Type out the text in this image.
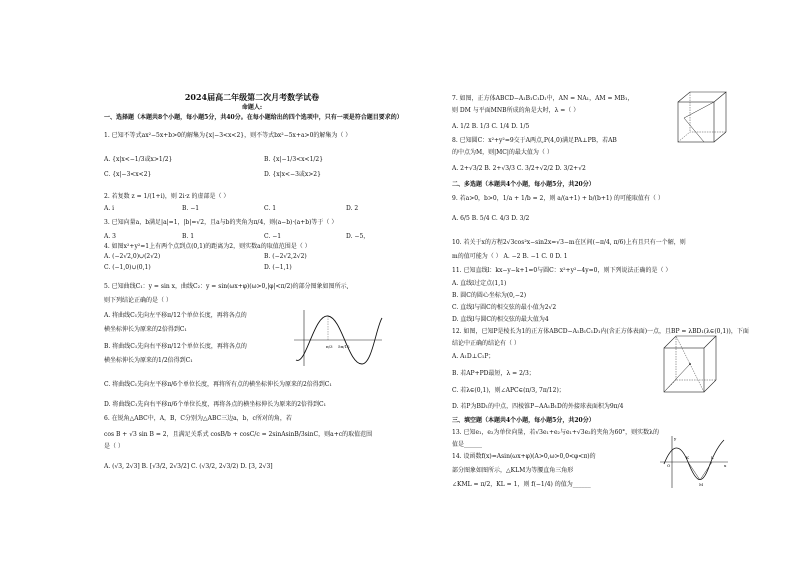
2024届高二年级第二次月考数学试卷
命题人:
一、选择题（本题共8个小题，每小题5分，共40分。在每小题给出的四个选项中，只有一项是符合题目要求的）
1. 已知不等式ax²−5x+b>0的解集为{x|−3<x<2}，则不等式bx²−5x+a>0的解集为（ ）
A. {x|x<−1/3或x>1/2}	B. {x|−1/3<x<1/2}
C. {x|−3<x<2}	D. {x|x<−3或x>2}
2. 若复数 z = 1/(1+i)，则 2i·z 的虚部是（ ）
A. i	B. −1	C. 1	D. 2
3. 已知向量a，b满足|a|=1，|b|=√2，且a与b的夹角为π/4，则(a−b)·(a+b)等于（ ）
A. 3	B. 1	C. −1	D. −5，
4. 如图x²+y²=1上有两个点到点(0,1)的距离为2，则实数a的取值范围是（ ）
A. (−2√2,0)∪(2√2)	B. (−2√2,2√2)
C. (−1,0)∪(0,1)	D. (−1,1)
5. 已知曲线C₁：y = sin x，曲线C₂：y = sin(ωx+φ)(ω>0,|φ|<π/2)的部分图象如图所示,
则下列结论正确的是（ ）
A. 将曲线C₁先向左平移π/12个单位长度，再将各点的
横坐标伸长为原来的2倍得到C₁
B. 将曲线C₁先向右平移π/12个单位长度，再将各点的
横坐标伸长为原来的1/2倍得到C₁
C. 将曲线C₁先向左平移π/6个单位长度，再将所有点的横坐标伸长为原来的2倍得到C₁
D. 将曲线C₁先向右平移π/6个单位长度，再将各点的横坐标伸长为原来的2倍得到C₁
6. 在锐角△ABC中，A，B，C分别为△ABC三边a，b，c所对的角，若
cos B + √3 sin B = 2，且满足关系式 cosB/b + cosC/c = 2sinAsinB/3sinC，则a+c的取值范围
是（ ）
A. (√3, 2√3] B. [√3/2, 2√3/2] C. (√3/2, 2√3/2) D. [3, 2√3]
π/3 5π/12
7. 如图，正方体ABCD−A₁B₁C₁D₁中，AN = NA₁，AM = MB₁，
则 DM 与平面MNB所成的角是大时，λ =（ ）
A. 1/2 B. 1/3 C. 1/4 D. 1/5
8. 已知圆C：x²+y²=9交于A两点,P(4,0)满足PA⊥PB，若AB
的中点为M，则|MC|的最大值为（ ）
A. 2+√3/2 B. 2+√3/3 C. 3/2+√2/2 D. 3/2+√2
二、多选题（本题共4个小题，每小题5分，共20分）
9. 若a>0，b>0，1/a + 1/b = 2，则 a/(a+1) + b/(b+1) 的可能取值有（ ）
A. 6/5 B. 5/4 C. 4/3 D. 3/2
10. 若关于x的方程2√3cos²x−sin2x=√3−m在区间(−π/4, π/6)上有且只有一个解，则
m的值可能为（ ） A. −2 B. −1 C. 0 D. 1
11. 已知直线l：kx−y−k+1=0与圆C：x²+y²−4y=0，则下列说法正确的是（ ）
A. 直线l过定点(1,1)
B. 圆C的圆心坐标为(0,−2)
C. 直线l与圆C的相交弦的最小值为2√2
D. 直线l与圆C的相交弦的最大值为4
12. 如图，已知P是棱长为1的正方体ABCD−A₁B₁C₁D₁内(含正方体表面)一点，且BP = λBD₁(λ∈(0,1))，下面
结论中正确的结论有（ ）
A. A₁D⊥C₁P；
B. 若AP+PD最短，λ = 2/3；
C. 若λ∈(0,1)，则∠APC∈(π/3, 7π/12)；
D. 若P为BD₁的中点，四棱锥P−AA₁B₁D的外接球表面积为9π/4
三、填空题（本题共4个小题，每小题5分，共20分）
13. 已知e₁，e₂为单位向量，若√3e₁+e₂与e₁+√3e₂的夹角为60°，则实数λ的
值是______
14. 设函数f(x)=Asin(ωx+φ)(A>0,ω>0,0<φ<π)的
部分图象如图所示，△KLM为等腰直角三角形
∠KML = π/2，KL = 1，则 f(−1/4) 的值为______
K	L
M
O	x
y
